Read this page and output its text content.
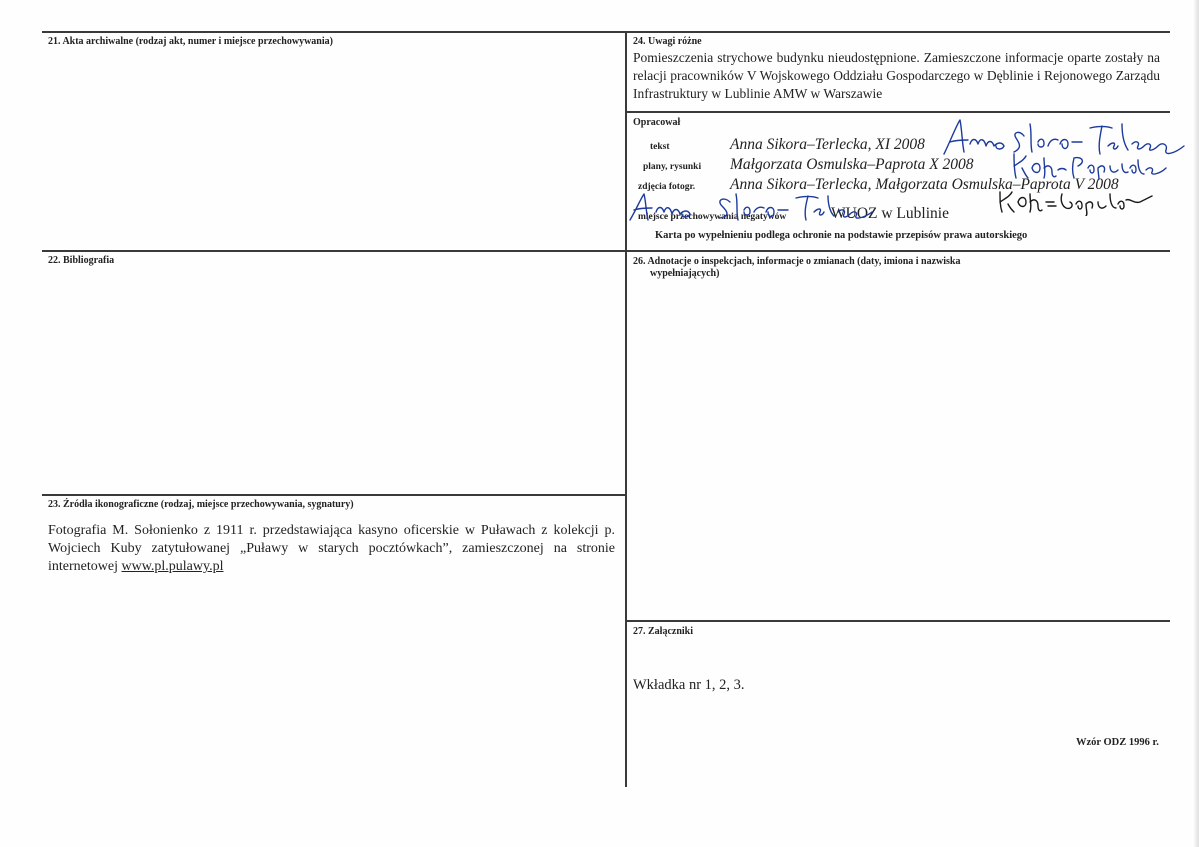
21. Akta archiwalne (rodzaj akt, numer i miejsce przechowywania)
22. Bibliografia
23. Źródła ikonograficzne (rodzaj, miejsce przechowywania, sygnatury)
Fotografia M. Sołonienko z 1911 r. przedstawiająca kasyno oficerskie w Puławach z kolekcji p. Wojciech Kuby zatytułowanej „Puławy w starych pocztówkach”, zamieszczonej na stronie internetowej www.pl.pulawy.pl
24. Uwagi różne
Pomieszczenia strychowe budynku nieudostępnione. Zamieszczone informacje oparte zostały na relacji pracowników V Wojskowego Oddziału Gospodarczego w Dęblinie i Rejonowego Zarządu Infrastruktury w Lublinie AMW w Warszawie
Opracował
tekst	Anna Sikora–Terlecka, XI 2008
plany, rysunki Małgorzata Osmulska–Paprota X 2008
zdjęcia fotogr. Anna Sikora–Terlecka, Małgorzata Osmulska–Paprota V 2008
miejsce przechowywania negatywów	WUOZ w Lublinie
Karta po wypełnieniu podlega ochronie na podstawie przepisów prawa autorskiego
26. Adnotacje o inspekcjach, informacje o zmianach (daty, imiona i nazwiska
wypełniających)
27. Załączniki
Wkładka nr 1, 2, 3.
Wzór ODZ 1996 r.
